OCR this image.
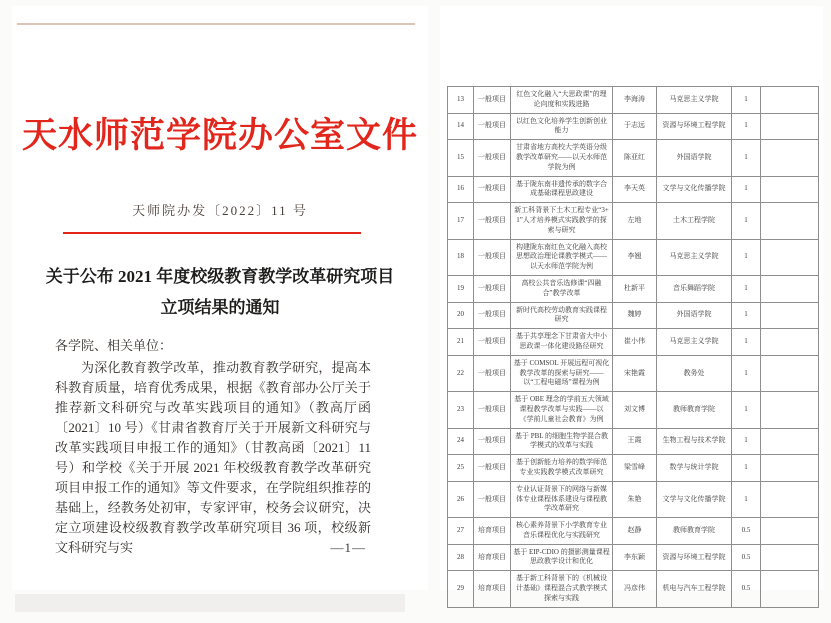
天水师范学院办公室文件
天师院办发〔2022〕11 号
关于公布 2021 年度校级教育教学改革研究项目
立项结果的通知

各学院、相关单位：

为深化教育教学改革，推动教育教学研究，提高本科教育质量，培育优秀成果，根据《教育部办公厅关于推荐新文科研究与改革实践项目的通知》（教高厅函〔2021〕10 号）《甘肃省教育厅关于开展新文科研究与改革实践项目申报工作的通知》（甘教高函〔2021〕11 号）和学校《关于开展 2021 年校级教育教学改革研究项目申报工作的通知》等文件要求，在学院组织推荐的基础上，经教务处初审，专家评审，校务会议研究，决定立项建设校级教育教学改革研究项目 36 项，校级新文科研究与实	—1—
13	一般项目	红色文化融入“大思政课”的理论向度和实践进路	李海涛	马克思主义学院	1	
14	一般项目	以红色文化培养学生创新创业能力	于志远	资源与环境工程学院	1	
15	一般项目	甘肃省地方高校大学英语分级教学改革研究——以天水师范学院为例	陈亚红	外国语学院	1	
16	一般项目	基于陇东南非遗传承的数字合成基础课程思政建设	李天英	文学与文化传播学院	1	
17	一般项目	新工科背景下土木工程专业“3+1”人才培养模式实践教学的探索与研究	左地	土木工程学院	1	
18	一般项目	构建陇东南红色文化融入高校思想政治理论课教学模式——以天水师范学院为例	李翘	马克思主义学院	1	
19	一般项目	高校公共音乐选修课“四融合”教学改革	杜新平	音乐舞蹈学院	1	
20	一般项目	新时代高校劳动教育实践课程研究	魏婷	外国语学院	1	
21	一般项目	基于共享理念下甘肃省大中小思政课一体化建设路径研究	崔小伟	马克思主义学院	1	
22	一般项目	基于 COMSOL 开展远程可视化教学改革的探索与研究——以“工程电磁场”课程为例	宋艳霞	教务处	1	
23	一般项目	基于 OBE 理念的学前五大领域课程教学改革与实践——以《学前儿童社会教育》为例	刘文博	教师教育学院	1	
24	一般项目	基于 PBL 的细胞生物学混合教学模式的改革与实践	王霞	生物工程与技术学院	1	
25	一般项目	基于创新能力培养的数学师范专业实践教学模式改革研究	梁雪峰	数学与统计学院	1	
26	一般项目	专业认证背景下的网络与新媒体专业课程体系建设与课程教学改革研究	朱艳	文学与文化传播学院	1	
27	培育项目	核心素养背景下小学教育专业音乐课程优化与实践研究	赵静	教师教育学院	0.5	
28	培育项目	基于 EIP-CDIO 的摄影测量课程思政教学设计和优化	李东颖	资源与环境工程学院	0.5	
29	培育项目	基于新工科背景下的《机械设计基础》课程混合式教学模式探索与实践	冯彦伟	机电与汽车工程学院	0.5	
